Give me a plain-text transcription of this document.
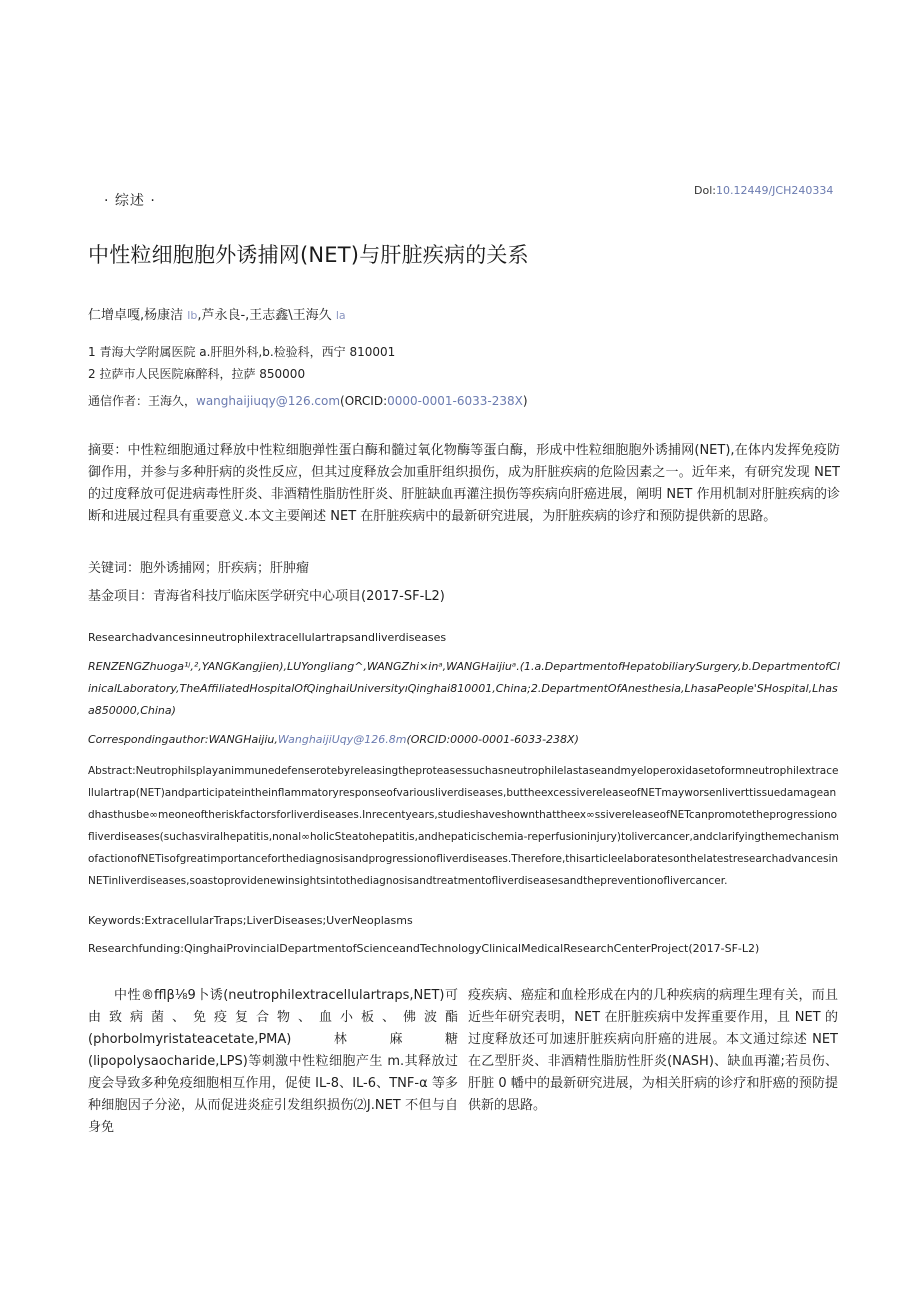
· 综述 ·
Dol:10.12449/JCH240334
中性粒细胞胞外诱捕网(NET)与肝脏疾病的关系
仁增卓嘎,杨康洁 lb,芦永良-,王志鑫\王海久 la
1 青海大学附属医院 a.肝胆外科,b.检验科，西宁 810001
2 拉萨市人民医院麻醉科，拉萨 850000
通信作者：王海久，wanghaijiuqy@126.com(ORCID:0000-0001-6033-238X)
摘要：中性粒细胞通过释放中性粒细胞弹性蛋白酶和髓过氧化物酶等蛋白酶，形成中性粒细胞胞外诱捕网(NET),在体内发挥免疫防御作用，并参与多种肝病的炎性反应，但其过度释放会加重肝组织损伤，成为肝脏疾病的危险因素之一。近年来，有研究发现 NET 的过度释放可促进病毒性肝炎、非酒精性脂肪性肝炎、肝脏缺血再灌注损伤等疾病向肝癌进展，阐明 NET 作用机制对肝脏疾病的诊断和进展过程具有重要意义.本文主要阐述 NET 在肝脏疾病中的最新研究进展，为肝脏疾病的诊疗和预防提供新的思路。
关键词：胞外诱捕网；肝疾病；肝肿瘤
基金项目：青海省科技厅临床医学研究中心项目(2017-SF-L2)
Researchadvancesinneutrophilextracellulartrapsandliverdiseases
RENZENGZhuoga¹ʲ,²,YANGKangjien),LUYongliang^,WANGZhi×inᵃ,WANGHaijiuᵃ.(1.a.DepartmentofHepatobiliarySurgery,b.DepartmentofClinicalLaboratory,TheAffiliatedHospitalOfQinghaiUniversityıQinghai810001,China;2.DepartmentOfAnesthesia,LhasaPeople'SHospital,Lhasa850000,China)
Correspondingauthor:WANGHaijiu,WanghaijiUqy@126.8m(ORCID:0000-0001-6033-238X)
Abstract:Neutrophilsplayanimmunedefenserotebyreleasingtheproteasessuchasneutrophilelastaseandmyeloperoxidasetoformneutrophilextracellulartrap(NET)andparticipateintheinflammatoryresponseofvariousliverdiseases,buttheexcessivereleaseofNETmayworsenliverttissuedamageandhasthusbe∞meoneoftheriskfactorsforliverdiseases.Inrecentyears,studieshaveshownthattheex∞ssivereleaseofNETcanpromotetheprogressionofliverdiseases(suchasviralhepatitis,nonal∞holicSteatohepatitis,andhepaticischemia-reperfusioninjury)tolivercancer,andclarifyingthemechanismofactionofNETisofgreatimportanceforthediagnosisandprogressionofliverdiseases.Therefore,thisarticleelaboratesonthelatestresearchadvancesinNETinliverdiseases,soastoprovidenewinsightsintothediagnosisandtreatmentofliverdiseasesandthepreventionoflivercаncer.
Keywords:ExtracellularTraps;LiverDiseases;UverNeoplasms
Researchfunding:QinghaiProvincialDepartmentofScienceandTechnologyClinicalMedicalResearchCenterProject(2017-SF-L2)
中性®fflβ⅛9卜诱(neutrophilextracellulartraps,NET)可由致病菌、免疫复合物、血小板、佛波酯(phorbolmyristateacetate,PMA)林麻糖(lipopolysaocharide,LPS)等刺激中性粒细胞产生 m.其释放过度会导致多种免疫细胞相互作用，促使 IL-8、IL-6、TNF-α 等多种细胞因子分泌，从而促进炎症引发组织损伤⑵J.NET 不但与自身免
疫疾病、癌症和血栓形成在内的几种疾病的病理生理有关，而且近些年研究表明，NET 在肝脏疾病中发挥重要作用，且 NET 的过度释放还可加速肝脏疾病向肝癌的进展。本文通过综述 NET 在乙型肝炎、非酒精性脂肪性肝炎(NASH)、缺血再灌;若员伤、肝脏 0 幡中的最新研究进展，为相关肝病的诊疗和肝癌的预防提供新的思路。
